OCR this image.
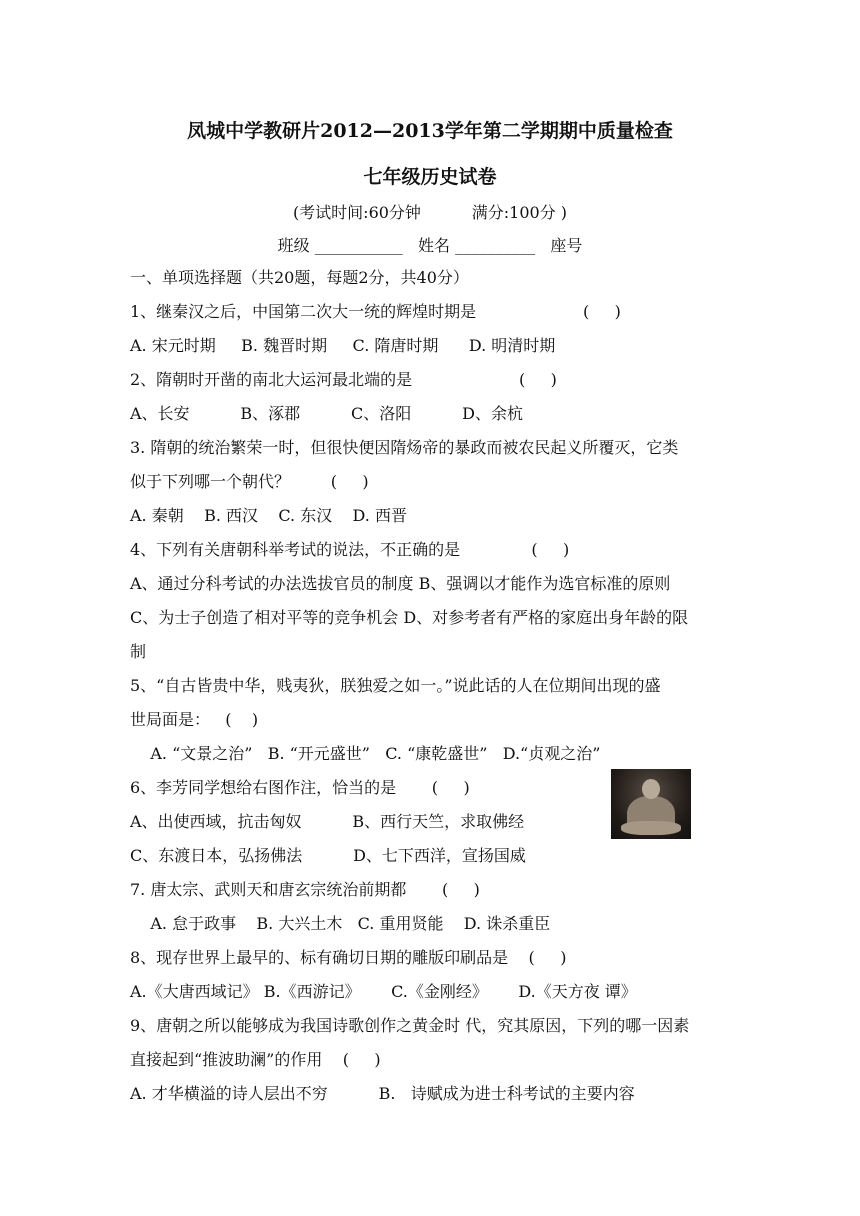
凤城中学教研片2012—2013学年第二学期期中质量检查
七年级历史试卷
(考试时间:60分钟          满分:100分 )
班级 ___________   姓名 __________   座号
一、单项选择题（共20题，每题2分，共40分）
1、继秦汉之后，中国第二次大一统的辉煌时期是                     (     )
A. 宋元时期     B. 魏晋时期     C. 隋唐时期      D. 明清时期
2、隋朝时开凿的南北大运河最北端的是                     (     )
A、长安          B、涿郡          C、洛阳          D、余杭
3. 隋朝的统治繁荣一时，但很快便因隋炀帝的暴政而被农民起义所覆灭，它类
似于下列哪一个朝代？        (     )
A. 秦朝    B. 西汉    C. 东汉    D. 西晋
4、下列有关唐朝科举考试的说法，不正确的是              (     )
A、通过分科考试的办法选拔官员的制度 B、强调以才能作为选官标准的原则
C、为士子创造了相对平等的竞争机会 D、对参考者有严格的家庭出身年龄的限
制
5、“自古皆贵中华，贱夷狄，朕独爱之如一。”说此话的人在位期间出现的盛
世局面是：   (    )
A. “文景之治”   B. “开元盛世”   C. “康乾盛世”   D.“贞观之治”
6、李芳同学想给右图作注，恰当的是       (     )
A、出使西域，抗击匈奴          B、西行天竺，求取佛经
C、东渡日本，弘扬佛法          D、七下西洋，宣扬国威
7. 唐太宗、武则天和唐玄宗统治前期都       (     )
A. 怠于政事    B. 大兴土木   C. 重用贤能    D. 诛杀重臣
8、现存世界上最早的、标有确切日期的雕版印刷品是    (     )
A.《大唐西域记》 B.《西游记》      C.《金刚经》      D.《天方夜 谭》
9、唐朝之所以能够成为我国诗歌创作之黄金时 代，究其原因，下列的哪一因素
直接起到“推波助澜”的作用    (     )
A. 才华横溢的诗人层出不穷          B.   诗赋成为进士科考试的主要内容
